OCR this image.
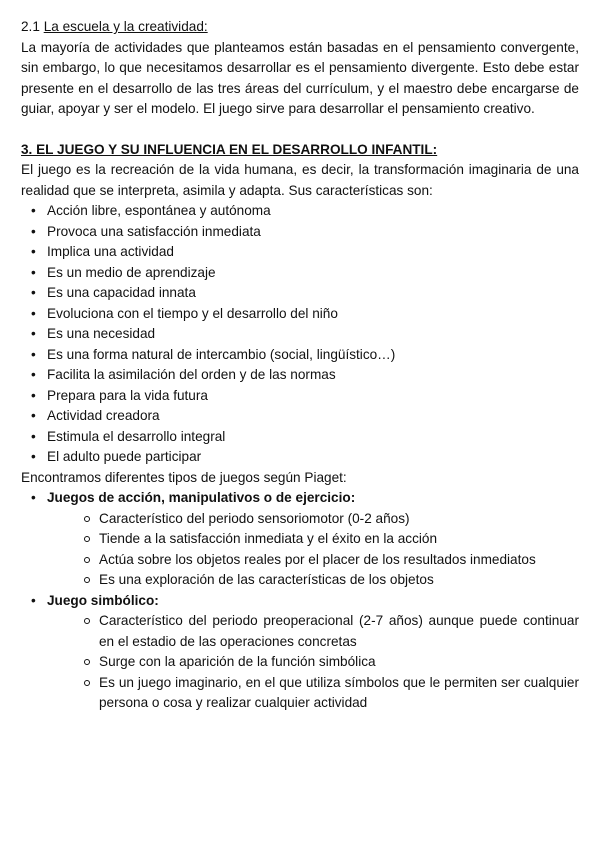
2.1 La escuela y la creatividad:

La mayoría de actividades que planteamos están basadas en el pensamiento convergente, sin embargo, lo que necesitamos desarrollar es el pensamiento divergente. Esto debe estar presente en el desarrollo de las tres áreas del currículum, y el maestro debe encargarse de guiar, apoyar y ser el modelo. El juego sirve para desarrollar el pensamiento creativo.

3. EL JUEGO Y SU INFLUENCIA EN EL DESARROLLO INFANTIL:

El juego es la recreación de la vida humana, es decir, la transformación imaginaria de una realidad que se interpreta, asimila y adapta. Sus características son:

• Acción libre, espontánea y autónoma
• Provoca una satisfacción inmediata
• Implica una actividad
• Es un medio de aprendizaje
• Es una capacidad innata
• Evoluciona con el tiempo y el desarrollo del niño
• Es una necesidad
• Es una forma natural de intercambio (social, lingüístico…)
• Facilita la asimilación del orden y de las normas
• Prepara para la vida futura
• Actividad creadora
• Estimula el desarrollo integral
• El adulto puede participar

Encontramos diferentes tipos de juegos según Piaget:

• Juegos de acción, manipulativos o de ejercicio:
Característico del periodo sensoriomotor (0-2 años)
Tiende a la satisfacción inmediata y el éxito en la acción
Actúa sobre los objetos reales por el placer de los resultados inmediatos
Es una exploración de las características de los objetos
• Juego simbólico:
Característico del periodo preoperacional (2-7 años) aunque puede continuar en el estadio de las operaciones concretas
Surge con la aparición de la función simbólica
Es un juego imaginario, en el que utiliza símbolos que le permiten ser cualquier persona o cosa y realizar cualquier actividad
